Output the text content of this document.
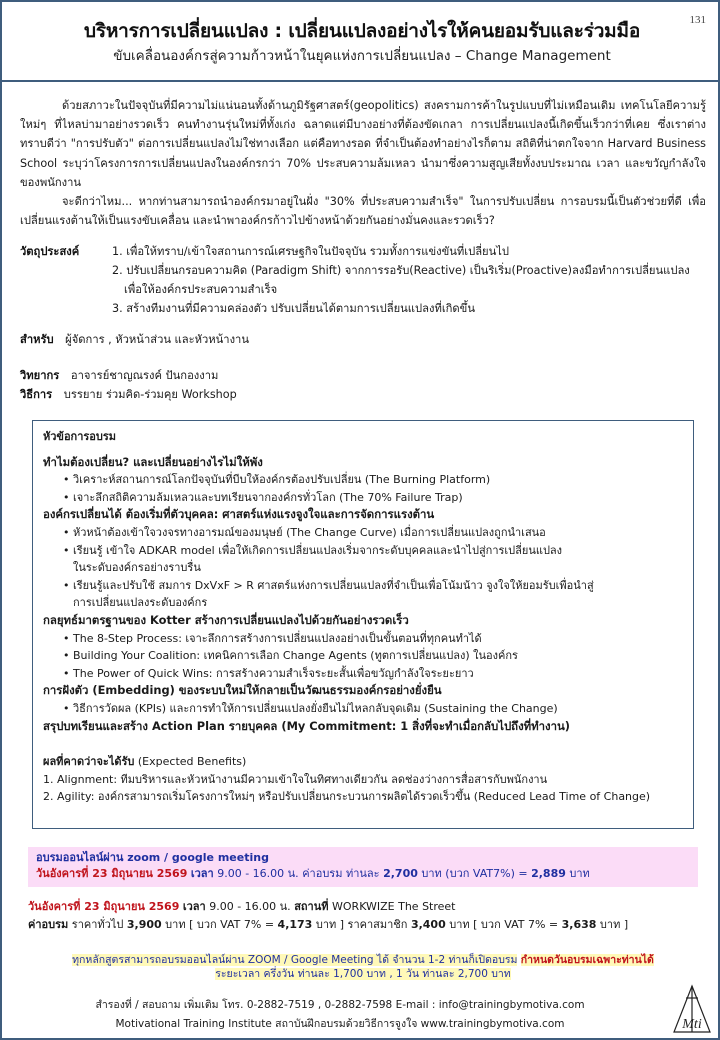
บริหารการเปลี่ยนแปลง : เปลี่ยนแปลงอย่างไรให้คนยอมรับและร่วมมือ
ขับเคลื่อนองค์กรสู่ความก้าวหน้าในยุคแห่งการเปลี่ยนแปลง – Change Management
131

ด้วยสภาวะในปัจจุบันที่มีความไม่แน่นอนทั้งด้านภูมิรัฐศาสตร์(geopolitics) สงครามการค้าในรูปแบบที่ไม่เหมือนเดิม เทคโนโลยีความรู้ใหม่ๆ ที่ไหลบ่ามาอย่างรวดเร็ว คนทำงานรุ่นใหม่ที่ทั้งเก่ง ฉลาดแต่มีบางอย่างที่ต้องขัดเกลา การเปลี่ยนแปลงนี้เกิดขึ้นเร็วกว่าที่เคย ซึ่งเราต่างทราบดีว่า "การปรับตัว" ต่อการเปลี่ยนแปลงไม่ใช่ทางเลือก แต่คือทางรอด ที่จำเป็นต้องทำอย่างไรก็ตาม สถิติที่น่าตกใจจาก Harvard Business School ระบุว่าโครงการการเปลี่ยนแปลงในองค์กรกว่า 70% ประสบความล้มเหลว นำมาซึ่งความสูญเสียทั้งงบประมาณ เวลา และขวัญกำลังใจของพนักงาน

จะดีกว่าไหม... หากท่านสามารถนำองค์กรมาอยู่ในฝั่ง "30% ที่ประสบความสำเร็จ" ในการปรับเปลี่ยน การอบรมนี้เป็นตัวช่วยที่ดี เพื่อเปลี่ยนแรงต้านให้เป็นแรงขับเคลื่อน และนำพาองค์กรก้าวไปข้างหน้าด้วยกันอย่างมั่นคงและรวดเร็ว?

วัตถุประสงค์	1. เพื่อให้ทราบ/เข้าใจสถานการณ์เศรษฐกิจในปัจจุบัน รวมทั้งการแข่งขันที่เปลี่ยนไป
2. ปรับเปลี่ยนกรอบความคิด (Paradigm Shift) จากการรอรับ(Reactive) เป็นริเริ่ม(Proactive)ลงมือทำการเปลี่ยนแปลงเพื่อให้องค์กรประสบความสำเร็จ
3. สร้างทีมงานที่มีความคล่องตัว ปรับเปลี่ยนได้ตามการเปลี่ยนแปลงที่เกิดขึ้น
สำหรับ ผู้จัดการ , หัวหน้าส่วน และหัวหน้างาน
วิทยากร อาจารย์ชาญณรงค์ ปันกองงาม
วิธีการ บรรยาย ร่วมคิด-ร่วมคุย Workshop
หัวข้อการอบรม
ทำไมต้องเปลี่ยน? และเปลี่ยนอย่างไรไม่ให้พัง
• วิเคราะห์สถานการณ์โลกปัจจุบันที่บีบให้องค์กรต้องปรับเปลี่ยน (The Burning Platform)
• เจาะลึกสถิติความล้มเหลวและบทเรียนจากองค์กรทั่วโลก (The 70% Failure Trap)
องค์กรเปลี่ยนได้ ต้องเริ่มที่ตัวบุคคล: ศาสตร์แห่งแรงจูงใจและการจัดการแรงต้าน
• หัวหน้าต้องเข้าใจวงจรทางอารมณ์ของมนุษย์ (The Change Curve) เมื่อการเปลี่ยนแปลงถูกนำเสนอ
• เรียนรู้ เข้าใจ ADKAR model เพื่อให้เกิดการเปลี่ยนแปลงเริ่มจากระดับบุคคลและนำไปสู่การเปลี่ยนแปลง
ในระดับองค์กรอย่างราบรื่น
• เรียนรู้และปรับใช้ สมการ DxVxF > R ศาสตร์แห่งการเปลี่ยนแปลงที่จำเป็นเพื่อโน้มน้าว จูงใจให้ยอมรับเพื่อนำสู่
การเปลี่ยนแปลงระดับองค์กร
กลยุทธ์มาตรฐานของ Kotter สร้างการเปลี่ยนแปลงไปด้วยกันอย่างรวดเร็ว
• The 8-Step Process: เจาะลึกการสร้างการเปลี่ยนแปลงอย่างเป็นขั้นตอนที่ทุกคนทำได้
• Building Your Coalition: เทคนิคการเลือก Change Agents (ทูตการเปลี่ยนแปลง) ในองค์กร
• The Power of Quick Wins: การสร้างความสำเร็จระยะสั้นเพื่อขวัญกำลังใจระยะยาว
การฝังตัว (Embedding) ของระบบใหม่ให้กลายเป็นวัฒนธรรมองค์กรอย่างยั่งยืน
• วิธีการวัดผล (KPIs) และการทำให้การเปลี่ยนแปลงยั่งยืนไม่ไหลกลับจุดเดิม (Sustaining the Change)
สรุปบทเรียนและสร้าง Action Plan รายบุคคล (My Commitment: 1 สิ่งที่จะทำเมื่อกลับไปถึงที่ทำงาน)
ผลที่คาดว่าจะได้รับ (Expected Benefits)
1. Alignment: ทีมบริหารและหัวหน้างานมีความเข้าใจในทิศทางเดียวกัน ลดช่องว่างการสื่อสารกับพนักงาน
2. Agility: องค์กรสามารถเริ่มโครงการใหม่ๆ หรือปรับเปลี่ยนกระบวนการผลิตได้รวดเร็วขึ้น (Reduced Lead Time of Change)
อบรมออนไลน์ผ่าน zoom / google meeting
วันอังคารที่ 23 มิถุนายน 2569 เวลา 9.00 - 16.00 น. ค่าอบรม ท่านละ 2,700 บาท (บวก VAT7%) = 2,889 บาท
วันอังคารที่ 23 มิถุนายน 2569 เวลา 9.00 - 16.00 น. สถานที่ WORKWIZE The Street
ค่าอบรม ราคาทั่วไป 3,900 บาท [ บวก VAT 7% = 4,173 บาท ] ราคาสมาชิก 3,400 บาท [ บวก VAT 7% = 3,638 บาท ]
ทุกหลักสูตรสามารถอบรมออนไลน์ผ่าน ZOOM / Google Meeting ได้ จำนวน 1-2 ท่านก็เปิดอบรม กำหนดวันอบรมเฉพาะท่านได้
ระยะเวลา ครึ่งวัน ท่านละ 1,700 บาท , 1 วัน ท่านละ 2,700 บาท
สำรองที่ / สอบถาม เพิ่มเติม โทร. 0-2882-7519 , 0-2882-7598 E-mail : info@trainingbymotiva.com
Motivational Training Institute สถาบันฝึกอบรมด้วยวิธีการจูงใจ www.trainingbymotiva.com	Mti
